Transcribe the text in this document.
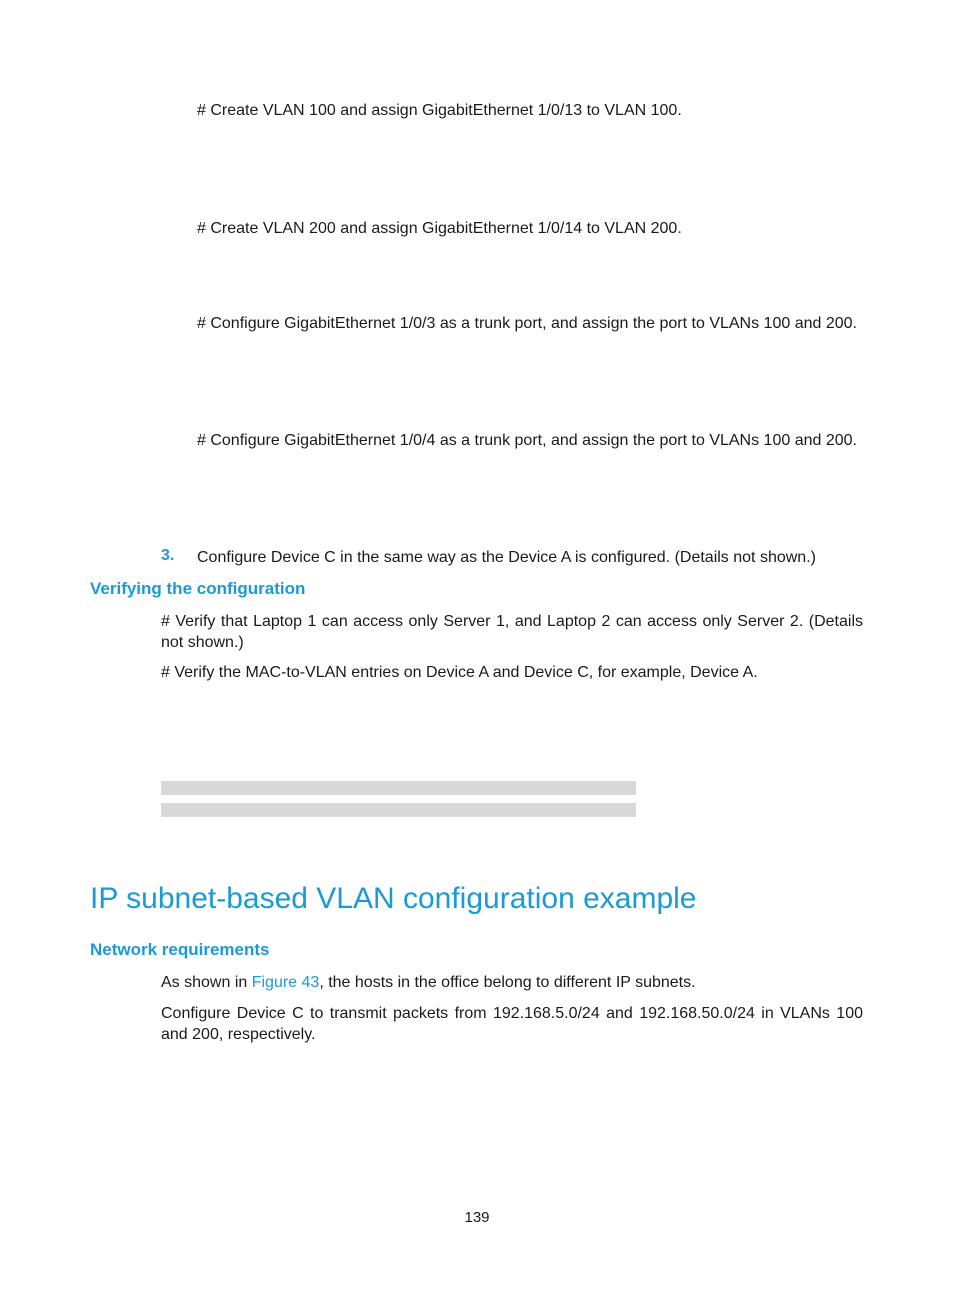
# Create VLAN 100 and assign GigabitEthernet 1/0/13 to VLAN 100.
# Create VLAN 200 and assign GigabitEthernet 1/0/14 to VLAN 200.
# Configure GigabitEthernet 1/0/3 as a trunk port, and assign the port to VLANs 100 and 200.
# Configure GigabitEthernet 1/0/4 as a trunk port, and assign the port to VLANs 100 and 200.
3. Configure Device C in the same way as the Device A is configured. (Details not shown.)
Verifying the configuration
# Verify that Laptop 1 can access only Server 1, and Laptop 2 can access only Server 2. (Details not shown.)
# Verify the MAC-to-VLAN entries on Device A and Device C, for example, Device A.
IP subnet-based VLAN configuration example
Network requirements
As shown in Figure 43, the hosts in the office belong to different IP subnets.
Configure Device C to transmit packets from 192.168.5.0/24 and 192.168.50.0/24 in VLANs 100 and 200, respectively.
139
